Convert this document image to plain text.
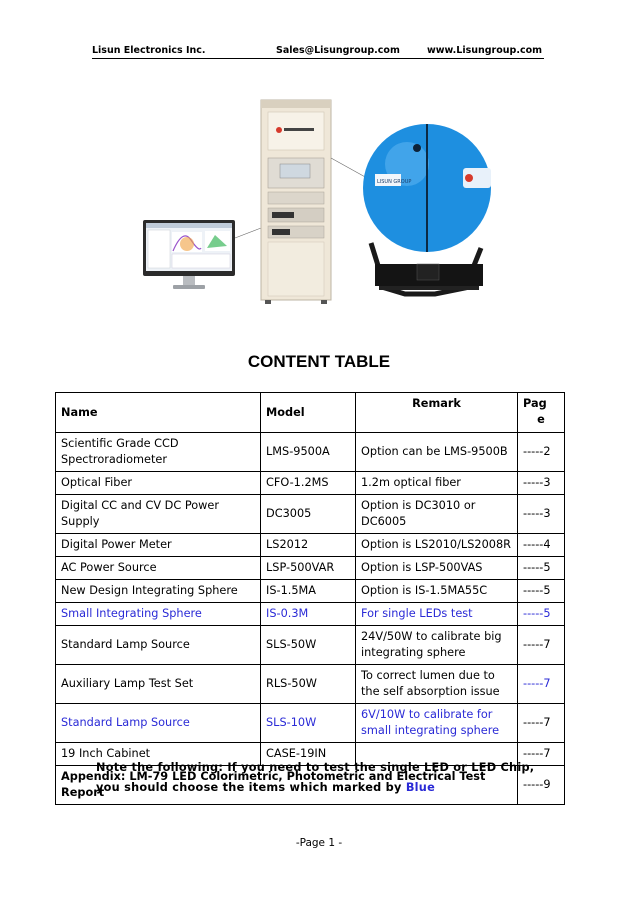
Lisun Electronics Inc.	Sales@Lisungroup.com	www.Lisungroup.com
LISUN GROUP
CONTENT TABLE
Name	Model	Remark	Pag
e

Scientific Grade CCD Spectroradiometer	LMS-9500A	Option can be LMS-9500B	-----2
Optical Fiber	CFO-1.2MS	1.2m optical fiber	-----3
Digital CC and CV DC Power Supply	DC3005	Option is DC3010 or DC6005	-----3
Digital Power Meter	LS2012	Option is LS2010/LS2008R	-----4
AC Power Source	LSP-500VAR	Option is LSP-500VAS	-----5
New Design Integrating Sphere	IS-1.5MA	Option is IS-1.5MA55C	-----5
Small Integrating Sphere	IS-0.3M	For single LEDs test	-----5
Standard Lamp Source	SLS-50W	24V/50W to calibrate big integrating sphere	-----7
Auxiliary Lamp Test Set	RLS-50W	To correct lumen due to the self absorption issue	-----7
Standard Lamp Source	SLS-10W	6V/10W to calibrate for small integrating sphere	-----7
19 Inch Cabinet	CASE-19IN		-----7
Appendix: LM-79 LED Colorimetric, Photometric and Electrical Test Report			-----9
Note the following: If you need to test the single LED or LED Chip, you should choose the items which marked by Blue
-Page 1 -
